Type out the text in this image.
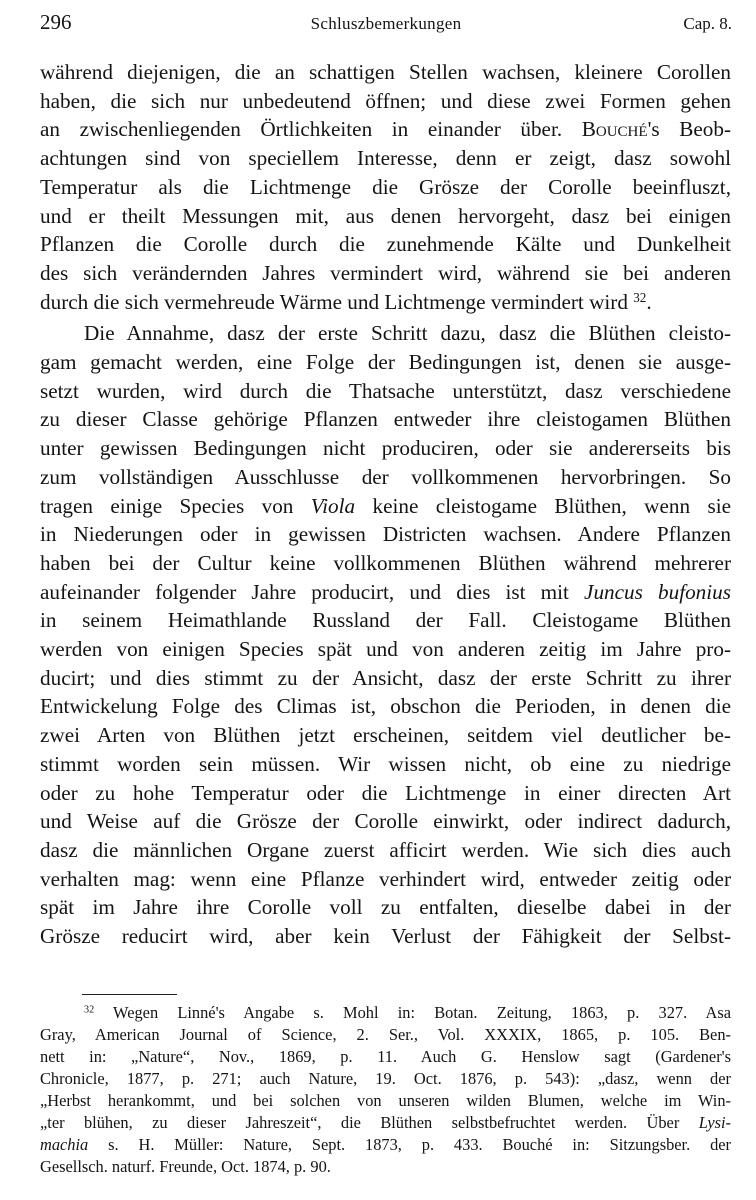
296	Schluszbemerkungen	Cap. 8.

während diejenigen, die an schattigen Stellen wachsen, kleinere Corollen
haben, die sich nur unbedeutend öffnen; und diese zwei Formen gehen
an zwischenliegenden Örtlichkeiten in einander über. Bouché's Beob-
achtungen sind von speciellem Interesse, denn er zeigt, dasz sowohl
Temperatur als die Lichtmenge die Grösze der Corolle beeinfluszt,
und er theilt Messungen mit, aus denen hervorgeht, dasz bei einigen
Pflanzen die Corolle durch die zunehmende Kälte und Dunkelheit
des sich verändernden Jahres vermindert wird, während sie bei anderen
durch die sich vermehreude Wärme und Lichtmenge vermindert wird $^{32}$.

Die Annahme, dasz der erste Schritt dazu, dasz die Blüthen cleisto-
gam gemacht werden, eine Folge der Bedingungen ist, denen sie ausge-
setzt wurden, wird durch die Thatsache unterstützt, dasz verschiedene
zu dieser Classe gehörige Pflanzen entweder ihre cleistogamen Blüthen
unter gewissen Bedingungen nicht produciren, oder sie andererseits bis
zum vollständigen Ausschlusse der vollkommenen hervorbringen. So
tragen einige Species von Viola keine cleistogame Blüthen, wenn sie
in Niederungen oder in gewissen Districten wachsen. Andere Pflanzen
haben bei der Cultur keine vollkommenen Blüthen während mehrerer
aufeinander folgender Jahre producirt, und dies ist mit Juncus bufonius
in seinem Heimathlande Russland der Fall. Cleistogame Blüthen
werden von einigen Species spät und von anderen zeitig im Jahre pro-
ducirt; und dies stimmt zu der Ansicht, dasz der erste Schritt zu ihrer
Entwickelung Folge des Climas ist, obschon die Perioden, in denen die
zwei Arten von Blüthen jetzt erscheinen, seitdem viel deutlicher be-
stimmt worden sein müssen. Wir wissen nicht, ob eine zu niedrige
oder zu hohe Temperatur oder die Lichtmenge in einer directen Art
und Weise auf die Grösze der Corolle einwirkt, oder indirect dadurch,
dasz die männlichen Organe zuerst afficirt werden. Wie sich dies auch
verhalten mag: wenn eine Pflanze verhindert wird, entweder zeitig oder
spät im Jahre ihre Corolle voll zu entfalten, dieselbe dabei in der
Grösze reducirt wird, aber kein Verlust der Fähigkeit der Selbst-

$^{32}$ Wegen Linné's Angabe s. Mohl in: Botan. Zeitung, 1863, p. 327. Asa
Gray, American Journal of Science, 2. Ser., Vol. XXXIX, 1865, p. 105. Ben-
nett in: „Nature“, Nov., 1869, p. 11. Auch G. Henslow sagt (Gardener's
Chronicle, 1877, p. 271; auch Nature, 19. Oct. 1876, p. 543): „dasz, wenn der
„Herbst herankommt, und bei solchen von unseren wilden Blumen, welche im Win-
„ter blühen, zu dieser Jahreszeit“, die Blüthen selbstbefruchtet werden. Über Lysi-
machia s. H. Müller: Nature, Sept. 1873, p. 433. Bouché in: Sitzungsber. der
Gesellsch. naturf. Freunde, Oct. 1874, p. 90.
